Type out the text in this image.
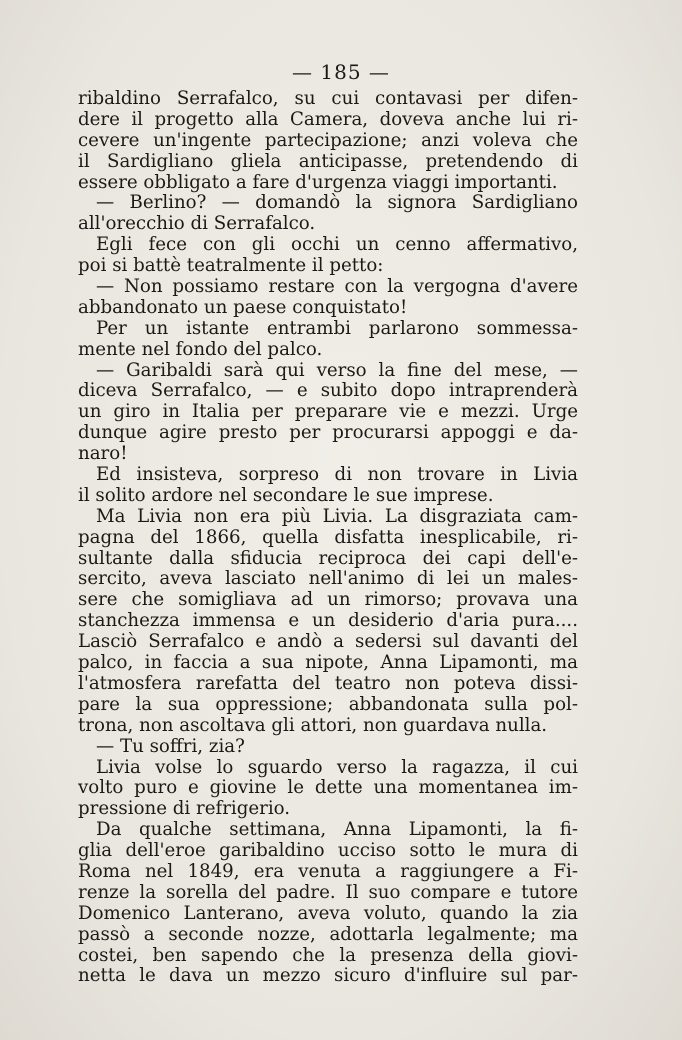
— 185 —
ribaldino Serrafalco, su cui contavasi per difen-
dere il progetto alla Camera, doveva anche lui ri-
cevere un'ingente partecipazione; anzi voleva che
il Sardigliano gliela anticipasse, pretendendo di
essere obbligato a fare d'urgenza viaggi importanti.
— Berlino? — domandò la signora Sardigliano
all'orecchio di Serrafalco.
Egli fece con gli occhi un cenno affermativo,
poi si battè teatralmente il petto:
— Non possiamo restare con la vergogna d'avere
abbandonato un paese conquistato!
Per un istante entrambi parlarono sommessa-
mente nel fondo del palco.
— Garibaldi sarà qui verso la fine del mese, —
diceva Serrafalco, — e subito dopo intraprenderà
un giro in Italia per preparare vie e mezzi. Urge
dunque agire presto per procurarsi appoggi e da-
naro!
Ed insisteva, sorpreso di non trovare in Livia
il solito ardore nel secondare le sue imprese.
Ma Livia non era più Livia. La disgraziata cam-
pagna del 1866, quella disfatta inesplicabile, ri-
sultante dalla sfiducia reciproca dei capi dell'e-
sercito, aveva lasciato nell'animo di lei un males-
sere che somigliava ad un rimorso; provava una
stanchezza immensa e un desiderio d'aria pura....
Lasciò Serrafalco e andò a sedersi sul davanti del
palco, in faccia a sua nipote, Anna Lipamonti, ma
l'atmosfera rarefatta del teatro non poteva dissi-
pare la sua oppressione; abbandonata sulla pol-
trona, non ascoltava gli attori, non guardava nulla.
— Tu soffri, zia?
Livia volse lo sguardo verso la ragazza, il cui
volto puro e giovine le dette una momentanea im-
pressione di refrigerio.
Da qualche settimana, Anna Lipamonti, la fi-
glia dell'eroe garibaldino ucciso sotto le mura di
Roma nel 1849, era venuta a raggiungere a Fi-
renze la sorella del padre. Il suo compare e tutore
Domenico Lanterano, aveva voluto, quando la zia
passò a seconde nozze, adottarla legalmente; ma
costei, ben sapendo che la presenza della giovi-
netta le dava un mezzo sicuro d'influire sul par-
